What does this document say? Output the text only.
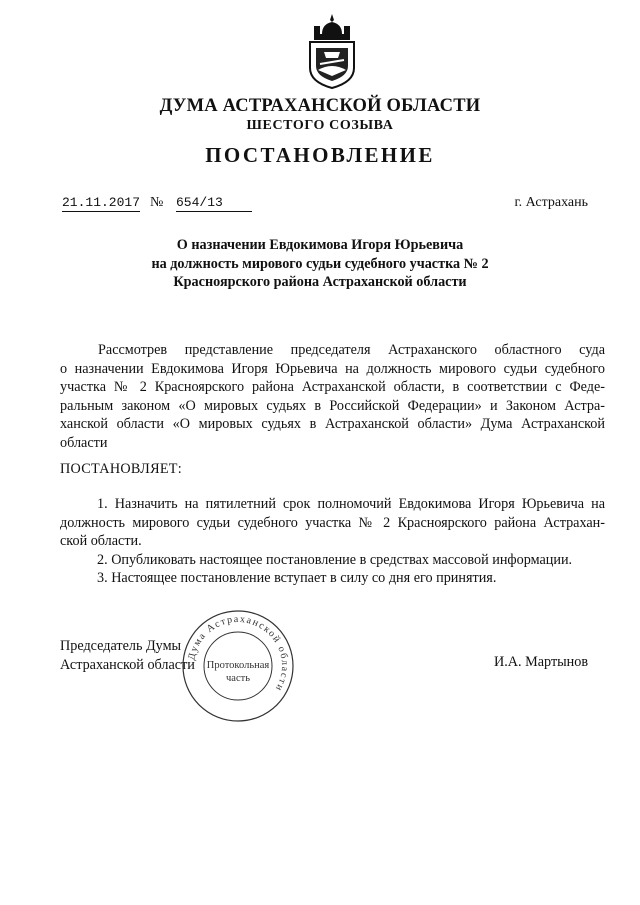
ДУМА АСТРАХАНСКОЙ ОБЛАСТИ
ШЕСТОГО СОЗЫВА
ПОСТАНОВЛЕНИЕ
21.11.2017 № 654/13	г. Астрахань
О назначении Евдокимова Игоря Юрьевича
на должность мирового судьи судебного участка № 2
Красноярского района Астраханской области
Рассмотрев представление председателя Астраханского областного суда
о назначении Евдокимова Игоря Юрьевича на должность мирового судьи судебного
участка № 2 Красноярского района Астраханской области, в соответствии с Феде-
ральным законом «О мировых судьях в Российской Федерации» и Законом Астра-
ханской области «О мировых судьях в Астраханской области» Дума Астраханской
области
ПОСТАНОВЛЯЕТ:
1. Назначить на пятилетний срок полномочий Евдокимова Игоря Юрьевича на
должность мирового судьи судебного участка № 2 Красноярского района Астрахан-
ской области.
2. Опубликовать настоящее постановление в средствах массовой информации.
3. Настоящее постановление вступает в силу со дня его принятия.
Председатель Думы
Астраханской области	И.А. Мартынов
Дума Астраханской области
Протокольная
часть
